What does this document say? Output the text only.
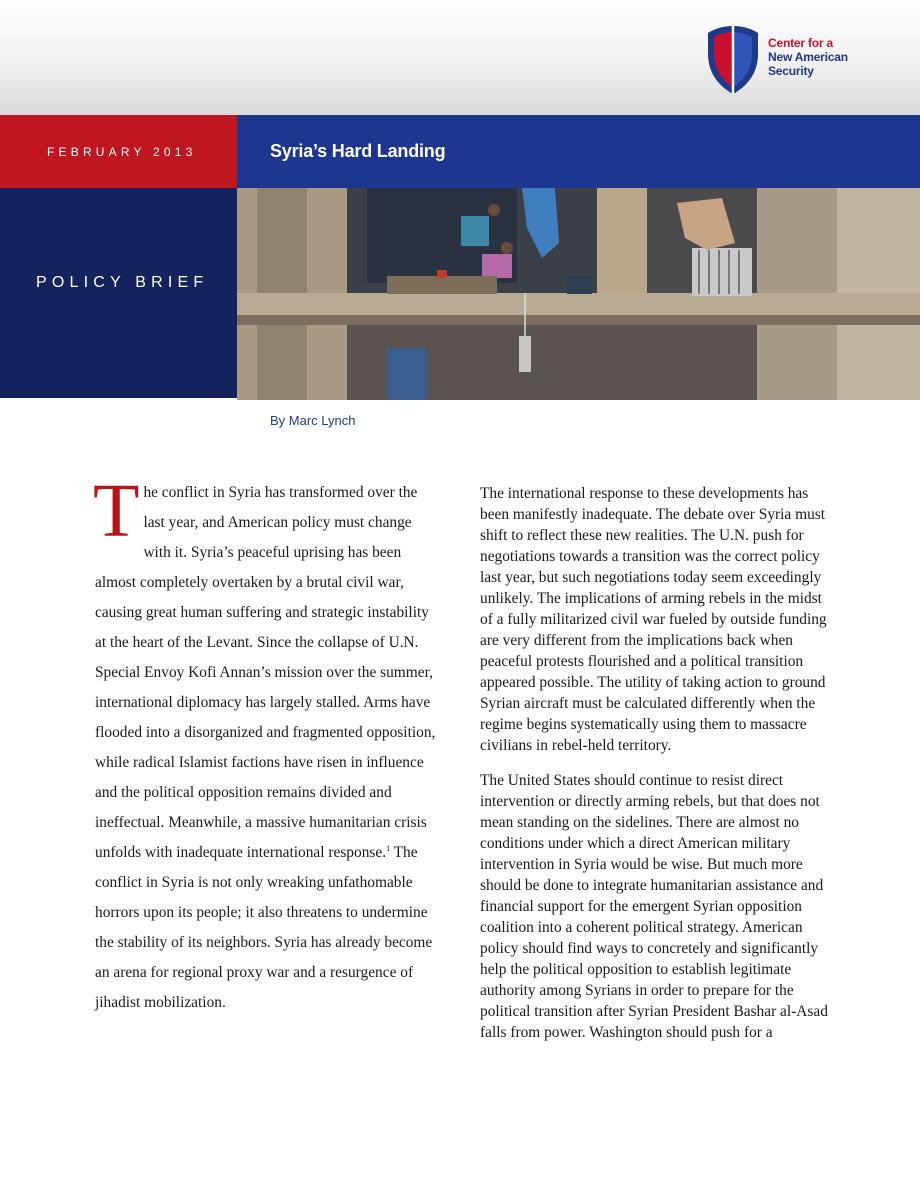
Center for a
New American
Security
FEBRUARY 2013	Syria’s Hard Landing
POLICY BRIEF
By Marc Lynch

The conflict in Syria has transformed over the last year, and American policy must change with it. Syria’s peaceful uprising has been almost completely overtaken by a brutal civil war, causing great human suffering and strategic instability at the heart of the Levant. Since the collapse of U.N. Special Envoy Kofi Annan’s mission over the summer, international diplomacy has largely stalled. Arms have flooded into a disorganized and fragmented opposition, while radical Islamist factions have risen in influence and the political opposition remains divided and ineffectual. Meanwhile, a massive humanitarian crisis unfolds with inadequate international response.$^1$ The conflict in Syria is not only wreaking unfathomable horrors upon its people; it also threatens to undermine the stability of its neighbors. Syria has already become an arena for regional proxy war and a resurgence of jihadist mobilization.

The international response to these developments has been manifestly inadequate. The debate over Syria must shift to reflect these new realities. The U.N. push for negotiations towards a transition was the correct policy last year, but such negotiations today seem exceedingly unlikely. The implications of arming rebels in the midst of a fully militarized civil war fueled by outside funding are very different from the implications back when peaceful protests flourished and a political transition appeared possible. The utility of taking action to ground Syrian aircraft must be calculated differently when the regime begins systematically using them to massacre civilians in rebel-held territory.

The United States should continue to resist direct intervention or directly arming rebels, but that does not mean standing on the sidelines. There are almost no conditions under which a direct American military intervention in Syria would be wise. But much more should be done to integrate humanitarian assistance and financial support for the emergent Syrian opposition coalition into a coherent political strategy. American policy should find ways to concretely and significantly help the political opposition to establish legitimate authority among Syrians in order to prepare for the political transition after Syrian President Bashar al-Asad falls from power. Washington should push for a
